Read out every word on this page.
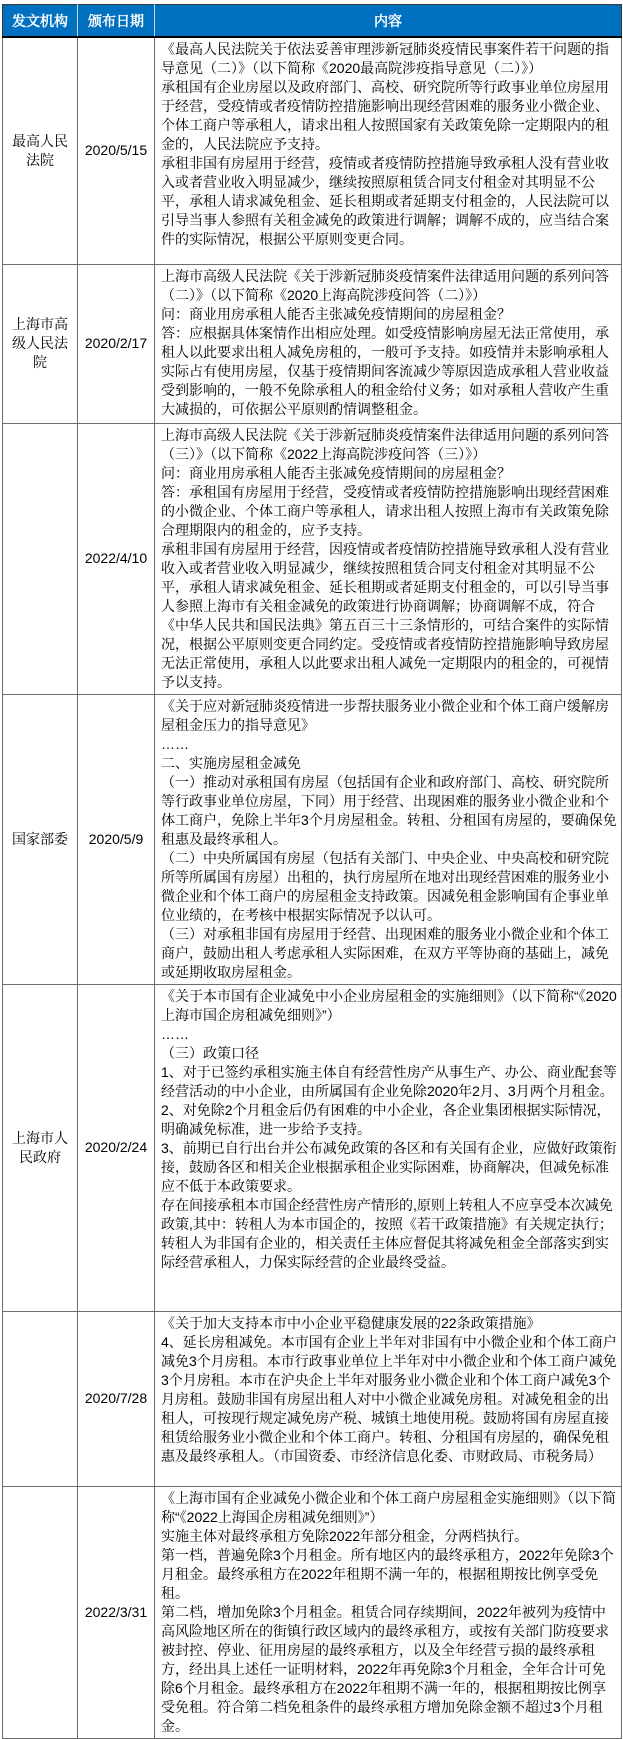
发文机构	颁布日期	内容
最高人民法院	2020/5/15	《最高人民法院关于依法妥善审理涉新冠肺炎疫情民事案件若干问题的指导意见（二）》（以下简称《2020最高院涉疫指导意见（二）》）
承租国有企业房屋以及政府部门、高校、研究院所等行政事业单位房屋用于经营，受疫情或者疫情防控措施影响出现经营困难的服务业小微企业、个体工商户等承租人，请求出租人按照国家有关政策免除一定期限内的租金的，人民法院应予支持。
承租非国有房屋用于经营，疫情或者疫情防控措施导致承租人没有营业收入或者营业收入明显减少，继续按照原租赁合同支付租金对其明显不公平，承租人请求减免租金、延长租期或者延期支付租金的，人民法院可以引导当事人参照有关租金减免的政策进行调解；调解不成的，应当结合案件的实际情况，根据公平原则变更合同。

上海市高级人民法院	2020/2/17	上海市高级人民法院《关于涉新冠肺炎疫情案件法律适用问题的系列问答（二）》（以下简称《2020上海高院涉疫问答（二）》）
问：商业用房承租人能否主张减免疫情期间的房屋租金？
答：应根据具体案情作出相应处理。如受疫情影响房屋无法正常使用，承租人以此要求出租人减免房租的，一般可予支持。如疫情并未影响承租人实际占有使用房屋，仅基于疫情期间客流减少等原因造成承租人营业收益受到影响的，一般不免除承租人的租金给付义务；如对承租人营收产生重大减损的，可依据公平原则酌情调整租金。

	2022/4/10	上海市高级人民法院《关于涉新冠肺炎疫情案件法律适用问题的系列问答（三）》（以下简称《2022上海高院涉疫问答（三）》）
问：商业用房承租人能否主张减免疫情期间的房屋租金？
答：承租国有房屋用于经营，受疫情或者疫情防控措施影响出现经营困难的小微企业、个体工商户等承租人，请求出租人按照上海市有关政策免除合理期限内的租金的，应予支持。
承租非国有房屋用于经营，因疫情或者疫情防控措施导致承租人没有营业收入或者营业收入明显减少，继续按照租赁合同支付租金对其明显不公平，承租人请求减免租金、延长租期或者延期支付租金的，可以引导当事人参照上海市有关租金减免的政策进行协商调解；协商调解不成，符合《中华人民共和国民法典》第五百三十三条情形的，可结合案件的实际情况，根据公平原则变更合同约定。受疫情或者疫情防控措施影响导致房屋无法正常使用，承租人以此要求出租人减免一定期限内的租金的，可视情予以支持。

国家部委	2020/5/9	
《关于应对新冠肺炎疫情进一步帮扶服务业小微企业和个体工商户缓解房屋租金压力的指导意见》
……
二、实施房屋租金减免
（一）推动对承租国有房屋（包括国有企业和政府部门、高校、研究院所等行政事业单位房屋，下同）用于经营、出现困难的服务业小微企业和个体工商户，免除上半年3个月房屋租金。转租、分租国有房屋的，要确保免租惠及最终承租人。
（二）中央所属国有房屋（包括有关部门、中央企业、中央高校和研究院所等所属国有房屋）出租的，执行房屋所在地对出现经营困难的服务业小微企业和个体工商户的房屋租金支持政策。因减免租金影响国有企事业单位业绩的，在考核中根据实际情况予以认可。
（三）对承租非国有房屋用于经营、出现困难的服务业小微企业和个体工商户，鼓励出租人考虑承租人实际困难，在双方平等协商的基础上，减免或延期收取房屋租金。

上海市人民政府	2020/2/24	
《关于本市国有企业减免中小企业房屋租金的实施细则》（以下简称“《2020上海市国企房租减免细则》”）
……
（三）政策口径
1、对于已签约承租实施主体自有经营性房产从事生产、办公、商业配套等经营活动的中小企业，由所属国有企业免除2020年2月、3月两个月租金。
2、对免除2个月租金后仍有困难的中小企业，各企业集团根据实际情况，明确减免标准，进一步给予支持。
3、前期已自行出台并公布减免政策的各区和有关国有企业，应做好政策衔接，鼓励各区和相关企业根据承租企业实际困难，协商解决，但减免标准应不低于本政策要求。
存在间接承租本市国企经营性房产情形的,原则上转租人不应享受本次减免政策,其中：转租人为本市国企的，按照《若干政策措施》有关规定执行；转租人为非国有企业的，相关责任主体应督促其将减免租金全部落实到实际经营承租人，力保实际经营的企业最终受益。

	2020/7/28	《关于加大支持本市中小企业平稳健康发展的22条政策措施》
4、延长房租减免。本市国有企业上半年对非国有中小微企业和个体工商户减免3个月房租。本市行政事业单位上半年对中小微企业和个体工商户减免3个月房租。本市在沪央企上半年对服务业小微企业和个体工商户减免3个月房租。鼓励非国有房屋出租人对中小微企业减免房租。对减免租金的出租人，可按现行规定减免房产税、城镇土地使用税。鼓励将国有房屋直接租赁给服务业小微企业和个体工商户。转租、分租国有房屋的，确保免租惠及最终承租人。（市国资委、市经济信息化委、市财政局、市税务局）

	2022/3/31	《上海市国有企业减免小微企业和个体工商户房屋租金实施细则》（以下简称“《2022上海国企房租减免细则》”）
实施主体对最终承租方免除2022年部分租金，分两档执行。
第一档，普遍免除3个月租金。所有地区内的最终承租方，2022年免除3个月租金。最终承租方在2022年租期不满一年的，根据租期按比例享受免租。
第二档，增加免除3个月租金。租赁合同存续期间，2022年被列为疫情中高风险地区所在的街镇行政区域内的最终承租方，或按有关部门防疫要求被封控、停业、征用房屋的最终承租方，以及全年经营亏损的最终承租方，经出具上述任一证明材料，2022年再免除3个月租金，全年合计可免除6个月租金。最终承租方在2022年租期不满一年的，根据租期按比例享受免租。符合第二档免租条件的最终承租方增加免除金额不超过3个月租金。
